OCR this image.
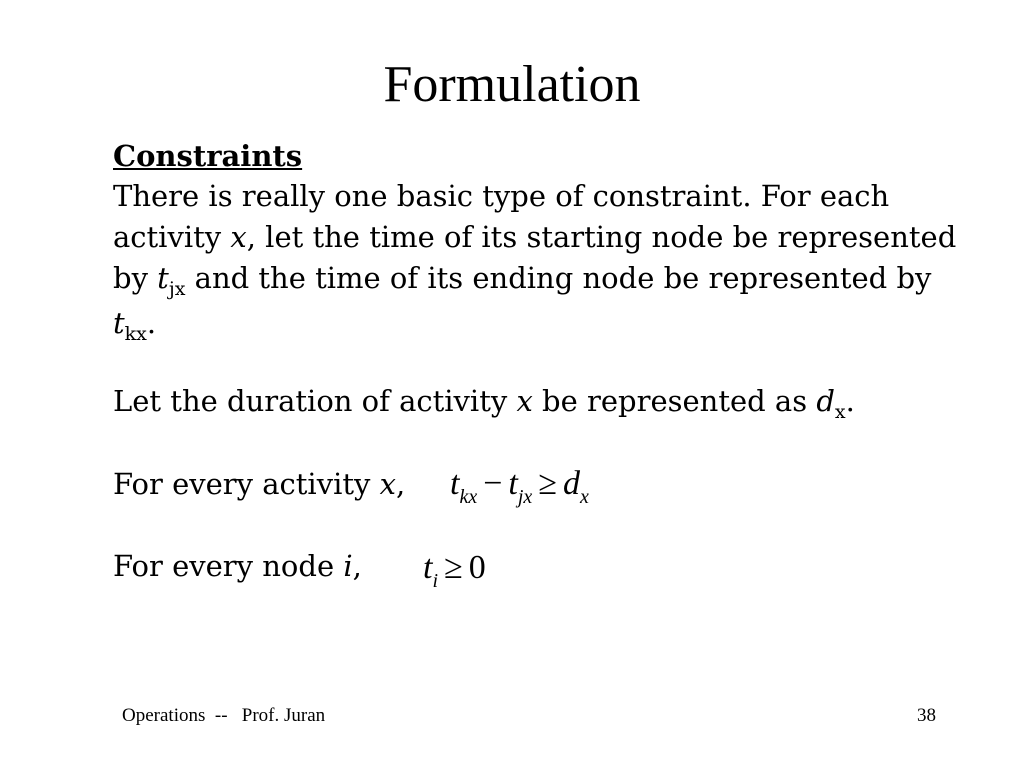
Formulation
Constraints
There is really one basic type of constraint. For each
activity x, let the time of its starting node be represented
by $t_{jx}$ and the time of its ending node be represented by
$t_{kx}$.
Let the duration of activity x be represented as $d_x$.
For every activity x,	$t_{kx} - t_{jx} \ge d_x$
For every node i,	$t_i \ge 0$
Operations  --   Prof. Juran	38
